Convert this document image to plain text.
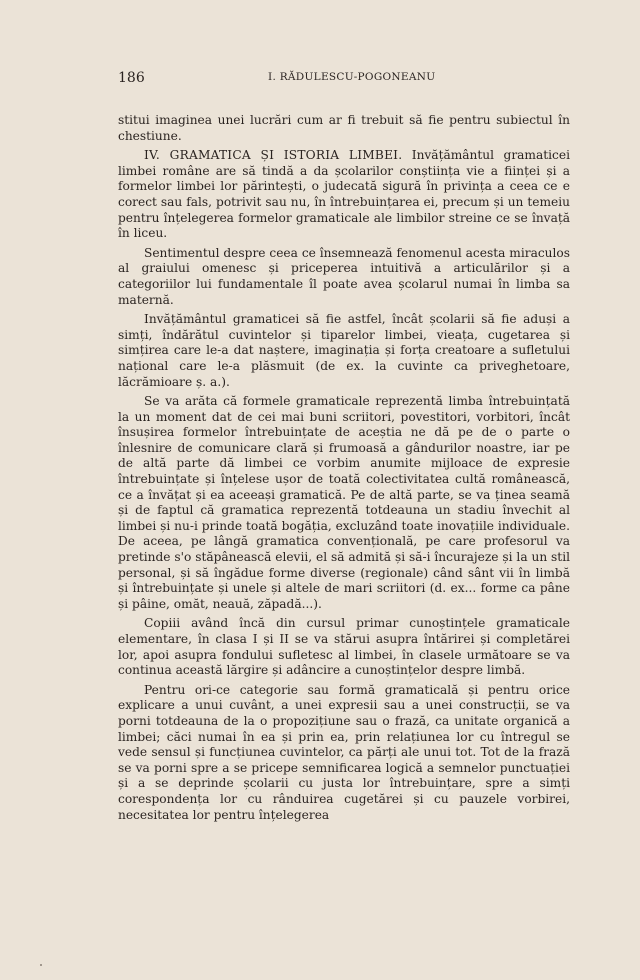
186	I. RĂDULESCU-POGONEANU

stitui imaginea unei lucrări cum ar fi trebuit să fie pentru subiectul în chestiune.

IV. GRAMATICA ȘI ISTORIA LIMBEI. Invățământul gramaticei limbei române are să tindă a da școlarilor conștiința vie a ființei și a formelor limbei lor părintești, o judecată sigură în privința a ceea ce e corect sau fals, potrivit sau nu, în întrebuințarea ei, precum și un temeiu pentru înțelegerea formelor gramaticale ale limbilor streine ce se învață în liceu.

Sentimentul despre ceea ce însemnează fenomenul acesta miraculos al graiului omenesc și priceperea intuitivă a articulărilor și a categoriilor lui fundamentale îl poate avea școlarul numai în limba sa maternă.

Invățământul gramaticei să fie astfel, încât școlarii să fie aduși a simți, îndărătul cuvintelor și tiparelor limbei, vieața, cugetarea și simțirea care le-a dat naștere, imaginația și forța creatoare a sufletului național care le-a plăsmuit (de ex. la cuvinte ca priveghetoare, lăcrămioare ș. a.).

Se va arăta că formele gramaticale reprezentă limba întrebuințată la un moment dat de cei mai buni scriitori, povestitori, vorbitori, încât însușirea formelor întrebuințate de aceștia ne dă pe de o parte o înlesnire de comunicare clară și frumoasă a gândurilor noastre, iar pe de altă parte dă limbei ce vorbim anumite mijloace de expresie întrebuințate și înțelese ușor de toată colectivitatea cultă românească, ce a învățat și ea aceeași gramatică. Pe de altă parte, se va ținea seamă și de faptul că gramatica reprezentă totdeauna un stadiu învechit al limbei și nu-i prinde toată bogăția, excluzând toate inovațiile individuale. De aceea, pe lângă gramatica convențională, pe care profesorul va pretinde s'o stăpânească elevii, el să admită și să-i încurajeze și la un stil personal, și să îngădue forme diverse (regionale) când sânt vii în limbă și întrebuințate și unele și altele de mari scriitori (d. ex... forme ca pâne și pâine, omăt, neauă, zăpadă...).

Copiii având încă din cursul primar cunoștințele gramaticale elementare, în clasa I și II se va stărui asupra întărirei și completărei lor, apoi asupra fondului sufletesc al limbei, în clasele următoare se va continua această lărgire și adâncire a cunoștințelor despre limbă.

Pentru ori-ce categorie sau formă gramaticală și pentru orice explicare a unui cuvânt, a unei expresii sau a unei construcții, se va porni totdeauna de la o propozițiune sau o frază, ca unitate organică a limbei; căci numai în ea și prin ea, prin relațiunea lor cu întregul se vede sensul și funcțiunea cuvintelor, ca părți ale unui tot. Tot de la frază se va porni spre a se pricepe semnificarea logică a semnelor punctuației și a se deprinde școlarii cu justa lor întrebuințare, spre a simți corespondența lor cu rânduirea cugetărei și cu pauzele vorbirei, necesitatea lor pentru înțelegerea
